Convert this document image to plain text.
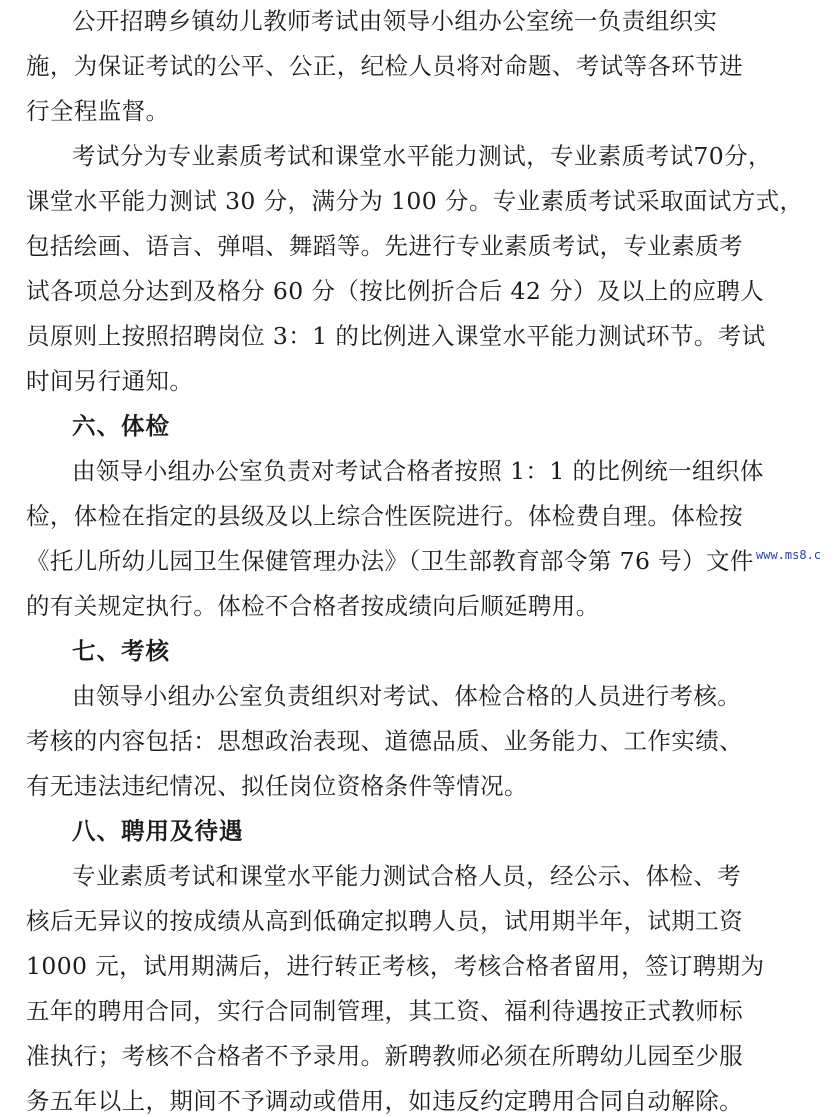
公开招聘乡镇幼儿教师考试由领导小组办公室统一负责组织实
施，为保证考试的公平、公正，纪检人员将对命题、考试等各环节进
行全程监督。
考试分为专业素质考试和课堂水平能力测试，专业素质考试70分，
课堂水平能力测试 30 分，满分为 100 分。专业素质考试采取面试方式，
包括绘画、语言、弹唱、舞蹈等。先进行专业素质考试，专业素质考
试各项总分达到及格分 60 分（按比例折合后 42 分）及以上的应聘人
员原则上按照招聘岗位 3：1 的比例进入课堂水平能力测试环节。考试
时间另行通知。
六、体检
由领导小组办公室负责对考试合格者按照 1：1 的比例统一组织体
检，体检在指定的县级及以上综合性医院进行。体检费自理。体检按
《托儿所幼儿园卫生保健管理办法》（卫生部教育部令第 76 号）文件
的有关规定执行。体检不合格者按成绩向后顺延聘用。
七、考核
由领导小组办公室负责组织对考试、体检合格的人员进行考核。
考核的内容包括：思想政治表现、道德品质、业务能力、工作实绩、
有无违法违纪情况、拟任岗位资格条件等情况。
八、聘用及待遇
专业素质考试和课堂水平能力测试合格人员，经公示、体检、考
核后无异议的按成绩从高到低确定拟聘人员，试用期半年，试期工资
1000 元，试用期满后，进行转正考核，考核合格者留用，签订聘期为
五年的聘用合同，实行合同制管理，其工资、福利待遇按正式教师标
准执行；考核不合格者不予录用。新聘教师必须在所聘幼儿园至少服
务五年以上，期间不予调动或借用，如违反约定聘用合同自动解除。
www.ms8.c
